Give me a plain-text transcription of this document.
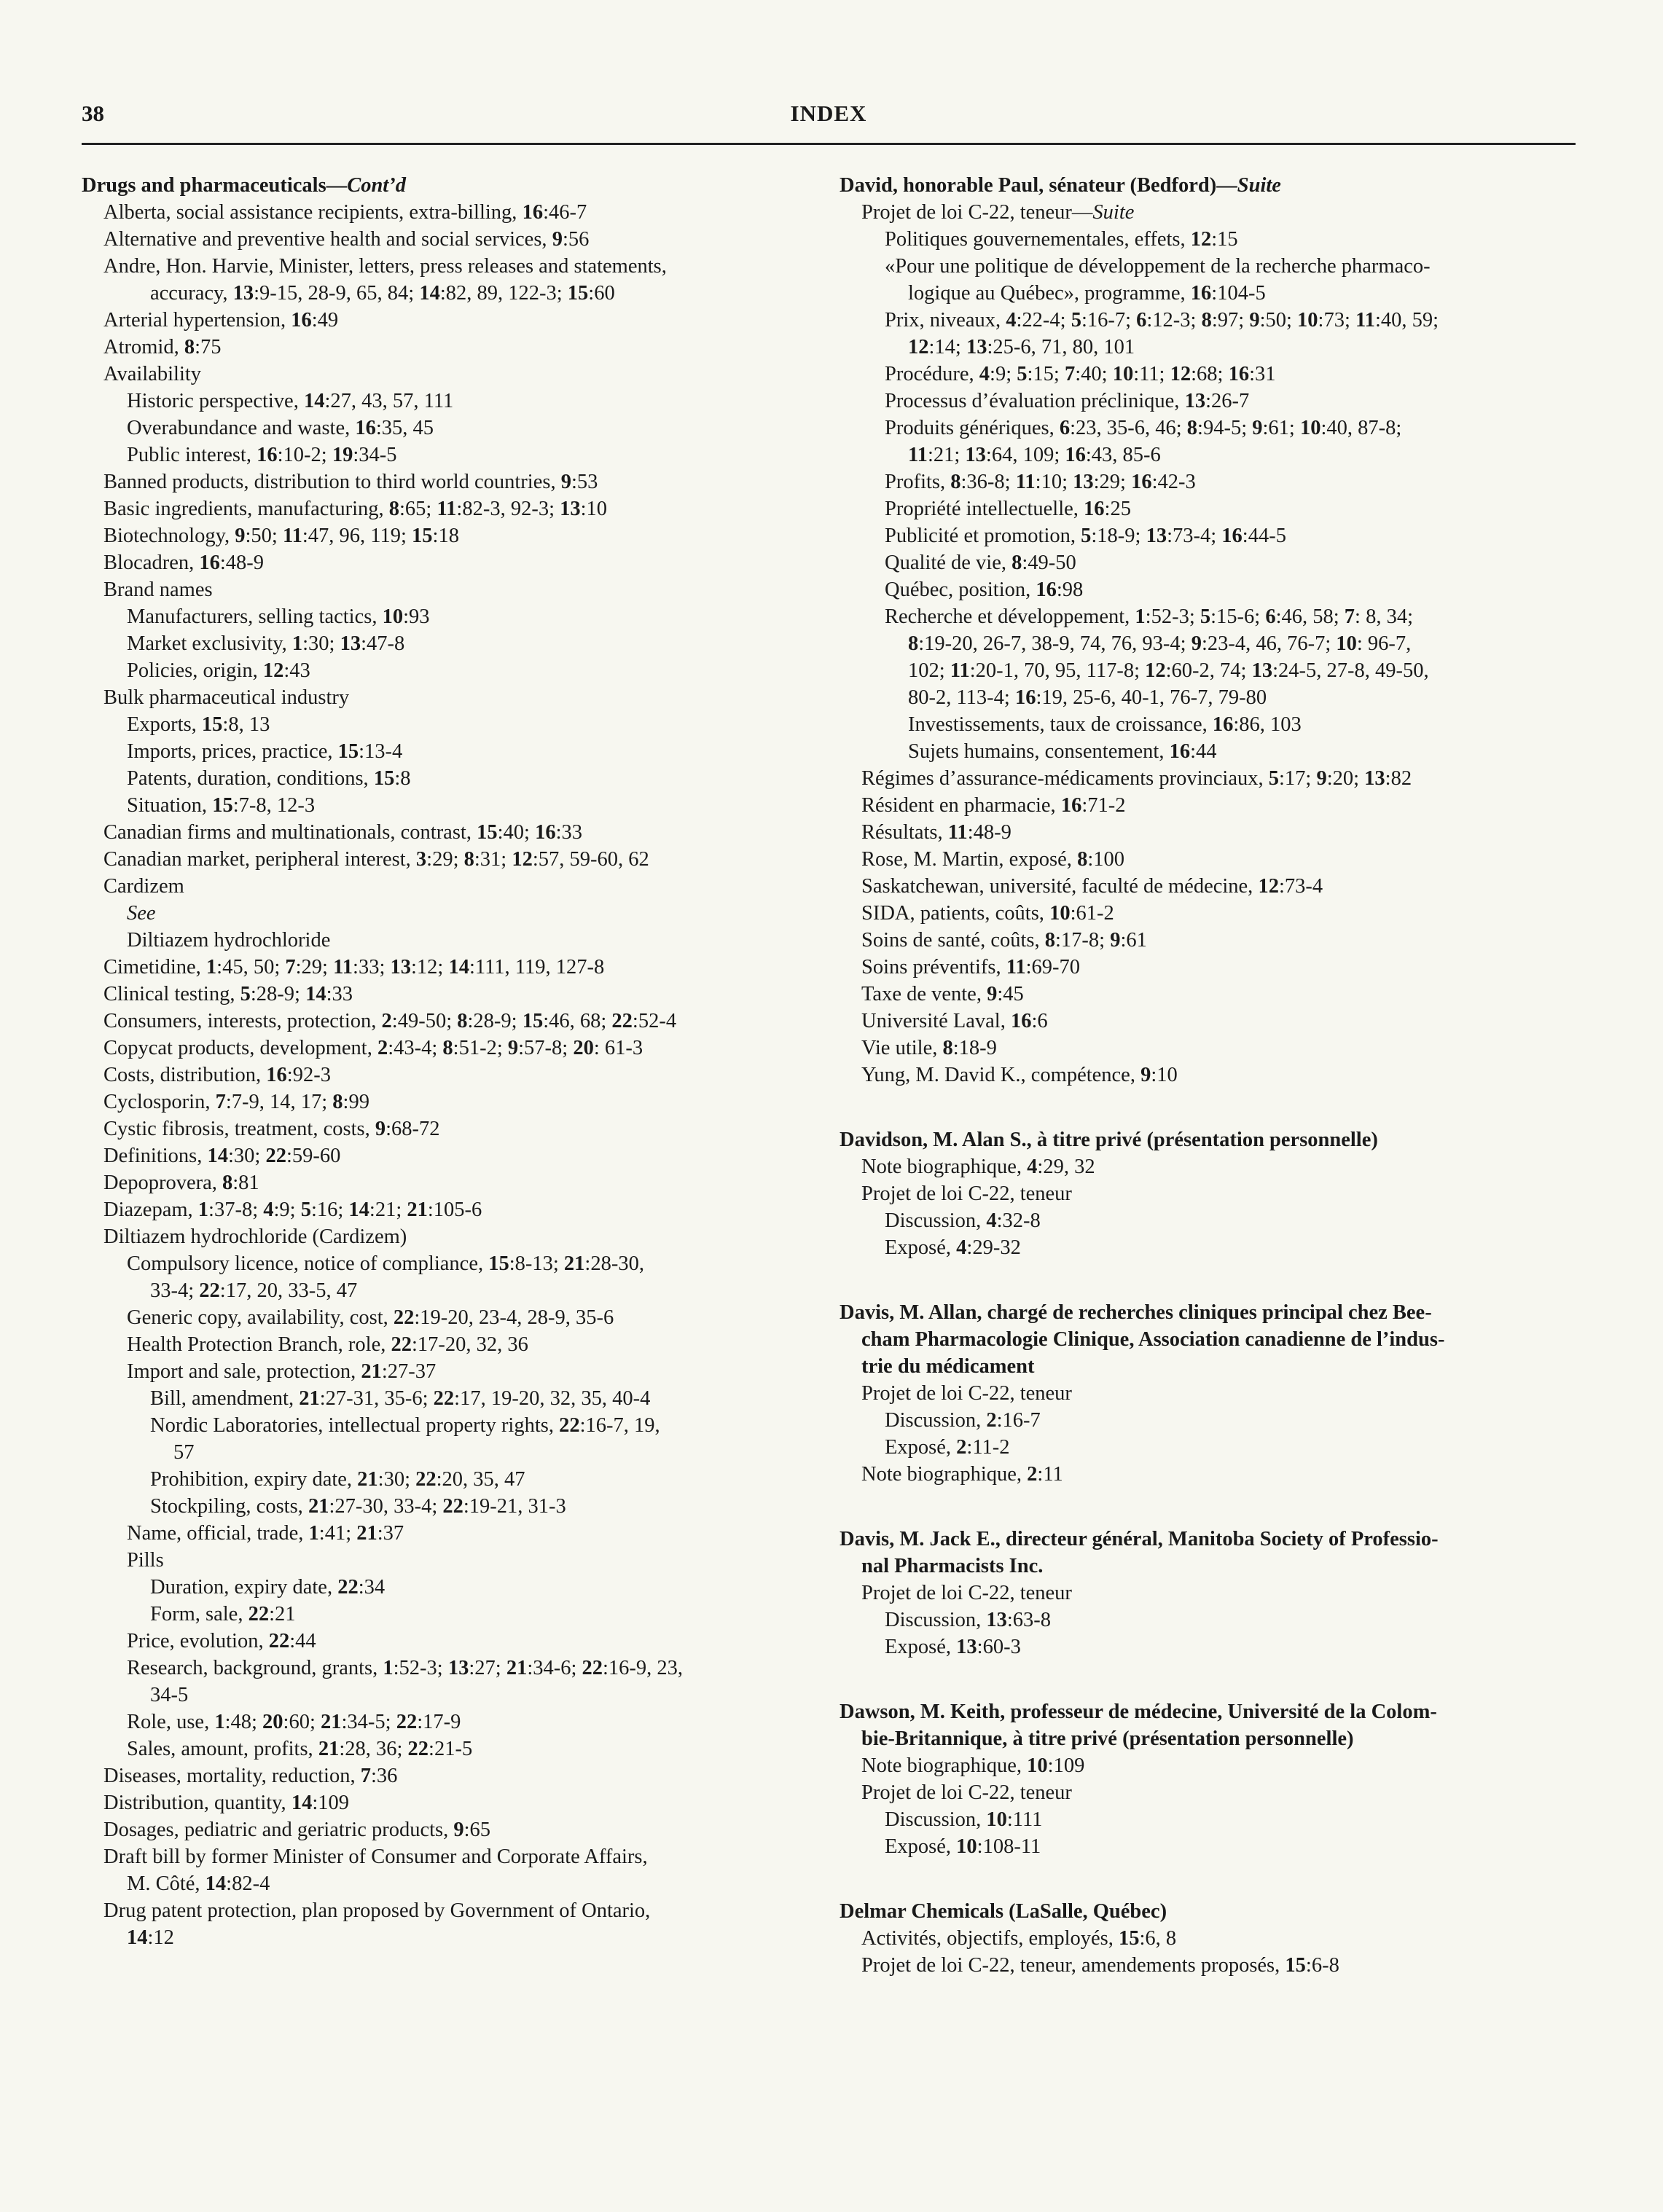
38	INDEX
Drugs and pharmaceuticals—Cont’d
Alberta, social assistance recipients, extra-billing, 16:46-7
Alternative and preventive health and social services, 9:56
Andre, Hon. Harvie, Minister, letters, press releases and statements,
accuracy, 13:9-15, 28-9, 65, 84; 14:82, 89, 122-3; 15:60
Arterial hypertension, 16:49
Atromid, 8:75
Availability
Historic perspective, 14:27, 43, 57, 111
Overabundance and waste, 16:35, 45
Public interest, 16:10-2; 19:34-5
Banned products, distribution to third world countries, 9:53
Basic ingredients, manufacturing, 8:65; 11:82-3, 92-3; 13:10
Biotechnology, 9:50; 11:47, 96, 119; 15:18
Blocadren, 16:48-9
Brand names
Manufacturers, selling tactics, 10:93
Market exclusivity, 1:30; 13:47-8
Policies, origin, 12:43
Bulk pharmaceutical industry
Exports, 15:8, 13
Imports, prices, practice, 15:13-4
Patents, duration, conditions, 15:8
Situation, 15:7-8, 12-3
Canadian firms and multinationals, contrast, 15:40; 16:33
Canadian market, peripheral interest, 3:29; 8:31; 12:57, 59-60, 62
Cardizem
See
Diltiazem hydrochloride
Cimetidine, 1:45, 50; 7:29; 11:33; 13:12; 14:111, 119, 127-8
Clinical testing, 5:28-9; 14:33
Consumers, interests, protection, 2:49-50; 8:28-9; 15:46, 68; 22:52-4
Copycat products, development, 2:43-4; 8:51-2; 9:57-8; 20: 61-3
Costs, distribution, 16:92-3
Cyclosporin, 7:7-9, 14, 17; 8:99
Cystic fibrosis, treatment, costs, 9:68-72
Definitions, 14:30; 22:59-60
Depoprovera, 8:81
Diazepam, 1:37-8; 4:9; 5:16; 14:21; 21:105-6
Diltiazem hydrochloride (Cardizem)
Compulsory licence, notice of compliance, 15:8-13; 21:28-30,
33-4; 22:17, 20, 33-5, 47
Generic copy, availability, cost, 22:19-20, 23-4, 28-9, 35-6
Health Protection Branch, role, 22:17-20, 32, 36
Import and sale, protection, 21:27-37
Bill, amendment, 21:27-31, 35-6; 22:17, 19-20, 32, 35, 40-4
Nordic Laboratories, intellectual property rights, 22:16-7, 19,
57
Prohibition, expiry date, 21:30; 22:20, 35, 47
Stockpiling, costs, 21:27-30, 33-4; 22:19-21, 31-3
Name, official, trade, 1:41; 21:37
Pills
Duration, expiry date, 22:34
Form, sale, 22:21
Price, evolution, 22:44
Research, background, grants, 1:52-3; 13:27; 21:34-6; 22:16-9, 23,
34-5
Role, use, 1:48; 20:60; 21:34-5; 22:17-9
Sales, amount, profits, 21:28, 36; 22:21-5
Diseases, mortality, reduction, 7:36
Distribution, quantity, 14:109
Dosages, pediatric and geriatric products, 9:65
Draft bill by former Minister of Consumer and Corporate Affairs,
M. Côté, 14:82-4
Drug patent protection, plan proposed by Government of Ontario,
14:12
David, honorable Paul, sénateur (Bedford)—Suite
Projet de loi C-22, teneur—Suite
Politiques gouvernementales, effets, 12:15
«Pour une politique de développement de la recherche pharmaco-
logique au Québec», programme, 16:104-5
Prix, niveaux, 4:22-4; 5:16-7; 6:12-3; 8:97; 9:50; 10:73; 11:40, 59;
12:14; 13:25-6, 71, 80, 101
Procédure, 4:9; 5:15; 7:40; 10:11; 12:68; 16:31
Processus d’évaluation préclinique, 13:26-7
Produits génériques, 6:23, 35-6, 46; 8:94-5; 9:61; 10:40, 87-8;
11:21; 13:64, 109; 16:43, 85-6
Profits, 8:36-8; 11:10; 13:29; 16:42-3
Propriété intellectuelle, 16:25
Publicité et promotion, 5:18-9; 13:73-4; 16:44-5
Qualité de vie, 8:49-50
Québec, position, 16:98
Recherche et développement, 1:52-3; 5:15-6; 6:46, 58; 7: 8, 34;
8:19-20, 26-7, 38-9, 74, 76, 93-4; 9:23-4, 46, 76-7; 10: 96-7,
102; 11:20-1, 70, 95, 117-8; 12:60-2, 74; 13:24-5, 27-8, 49-50,
80-2, 113-4; 16:19, 25-6, 40-1, 76-7, 79-80
Investissements, taux de croissance, 16:86, 103
Sujets humains, consentement, 16:44
Régimes d’assurance-médicaments provinciaux, 5:17; 9:20; 13:82
Résident en pharmacie, 16:71-2
Résultats, 11:48-9
Rose, M. Martin, exposé, 8:100
Saskatchewan, université, faculté de médecine, 12:73-4
SIDA, patients, coûts, 10:61-2
Soins de santé, coûts, 8:17-8; 9:61
Soins préventifs, 11:69-70
Taxe de vente, 9:45
Université Laval, 16:6
Vie utile, 8:18-9
Yung, M. David K., compétence, 9:10
Davidson, M. Alan S., à titre privé (présentation personnelle)
Note biographique, 4:29, 32
Projet de loi C-22, teneur
Discussion, 4:32-8
Exposé, 4:29-32
Davis, M. Allan, chargé de recherches cliniques principal chez Bee-
cham Pharmacologie Clinique, Association canadienne de l’indus-
trie du médicament
Projet de loi C-22, teneur
Discussion, 2:16-7
Exposé, 2:11-2
Note biographique, 2:11
Davis, M. Jack E., directeur général, Manitoba Society of Professio-
nal Pharmacists Inc.
Projet de loi C-22, teneur
Discussion, 13:63-8
Exposé, 13:60-3
Dawson, M. Keith, professeur de médecine, Université de la Colom-
bie-Britannique, à titre privé (présentation personnelle)
Note biographique, 10:109
Projet de loi C-22, teneur
Discussion, 10:111
Exposé, 10:108-11
Delmar Chemicals (LaSalle, Québec)
Activités, objectifs, employés, 15:6, 8
Projet de loi C-22, teneur, amendements proposés, 15:6-8
